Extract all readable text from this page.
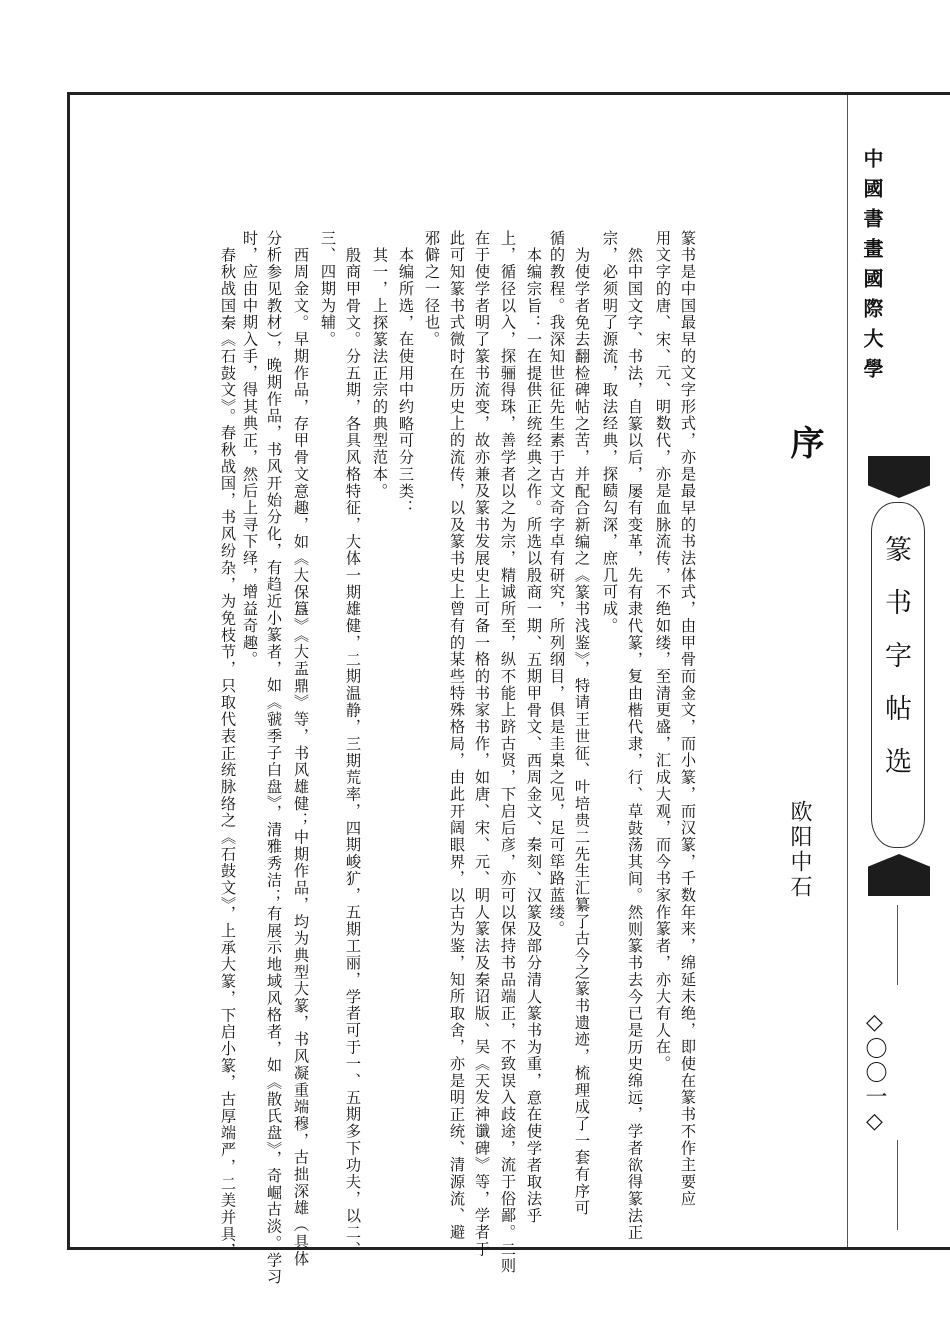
中國書畫國際大學
篆书字帖选
◇〇〇一◇
序
欧阳中石
篆书是中国最早的文字形式，亦是最早的书法体式，由甲骨而金文，而小篆，而汉篆，千数年来，绵延未绝，即使在篆书不作主要应
用文字的唐、宋、元、明数代，亦是血脉流传，不绝如缕，至清更盛，汇成大观，而今书家作篆者，亦大有人在。
然中国文字、书法，自篆以后，屡有变革，先有隶代篆，复由楷代隶，行、草鼓荡其间。然则篆书去今已是历史绵远，学者欲得篆法正
宗，必须明了源流，取法经典，探赜勾深，庶几可成。
为使学者免去翻检碑帖之苦，并配合新编之《篆书浅鉴》，特请王世征、叶培贵二先生汇纂了古今之篆书遗迹，梳理成了一套有序可
循的教程。我深知世征先生素于古文奇字卓有研究，所列纲目，俱是圭臬之见，足可筚路蓝缕。
本编宗旨：一在提供正统经典之作。所选以殷商一期、五期甲骨文、西周金文、秦刻、汉篆及部分清人篆书为重，意在使学者取法乎
上，循径以入，探骊得珠，善学者以之为宗，精诚所至，纵不能上跻古贤，下启后彦，亦可以保持书品端正，不致误入歧途，流于俗鄙。二则
在于使学者明了篆书流变，故亦兼及篆书发展史上可备一格的书家书作，如唐、宋、元、明人篆法及秦诏版、吴《天发神谶碑》等，学者于
此可知篆书式微时在历史上的流传，以及篆书史上曾有的某些特殊格局，由此开阔眼界，以古为鉴，知所取舍，亦是明正统、清源流、避
邪僻之一径也。
本编所选，在使用中约略可分三类：
其一，上探篆法正宗的典型范本。
殷商甲骨文。分五期，各具风格特征，大体一期雄健，二期温静，三期荒率，四期峻犷，五期工丽，学者可于一、五期多下功夫，以二、
三、四期为辅。
西周金文。早期作品，存甲骨文意趣，如《大保簋》《大盂鼎》等，书风雄健；中期作品，均为典型大篆，书风凝重端穆，古拙深雄（具体
分析参见教材），晚期作品，书风开始分化，有趋近小篆者，如《虢季子白盘》，清雅秀洁；有展示地域风格者，如《散氏盘》，奇崛古淡。学习
时，应由中期入手，得其典正，然后上寻下绎，增益奇趣。
春秋战国秦《石鼓文》。春秋战国，书风纷杂，为免枝节，只取代表正统脉络之《石鼓文》，上承大篆，下启小篆，古厚端严，二美并具，
